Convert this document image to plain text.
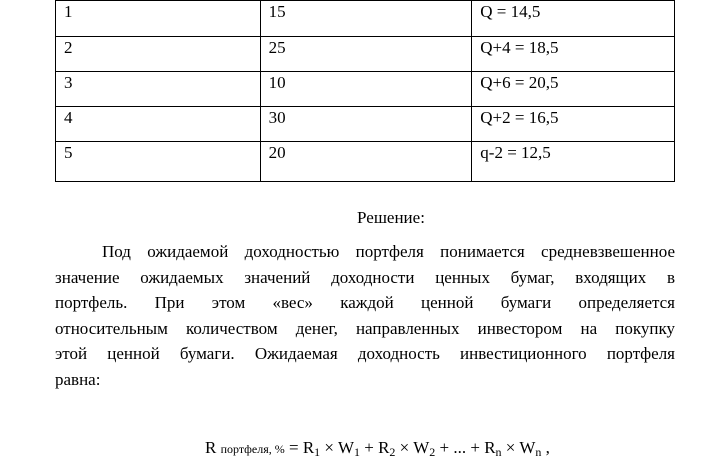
1	15	Q = 14,5
2	25	Q+4 = 18,5
3	10	Q+6 = 20,5
4	30	Q+2 = 16,5
5	20	q-2 = 12,5
Решение:
Под ожидаемой доходностью портфеля понимается средневзвешенное
значение ожидаемых значений доходности ценных бумаг, входящих в
портфель. При этом «вес» каждой ценной бумаги определяется
относительным количеством денег, направленных инвестором на покупку
этой ценной бумаги. Ожидаемая доходность инвестиционного портфеля
равна:
R портфеля, % = $R_1 \times W_1 + R_2 \times W_2$ + ... + $R_n \times W_n$ ,
